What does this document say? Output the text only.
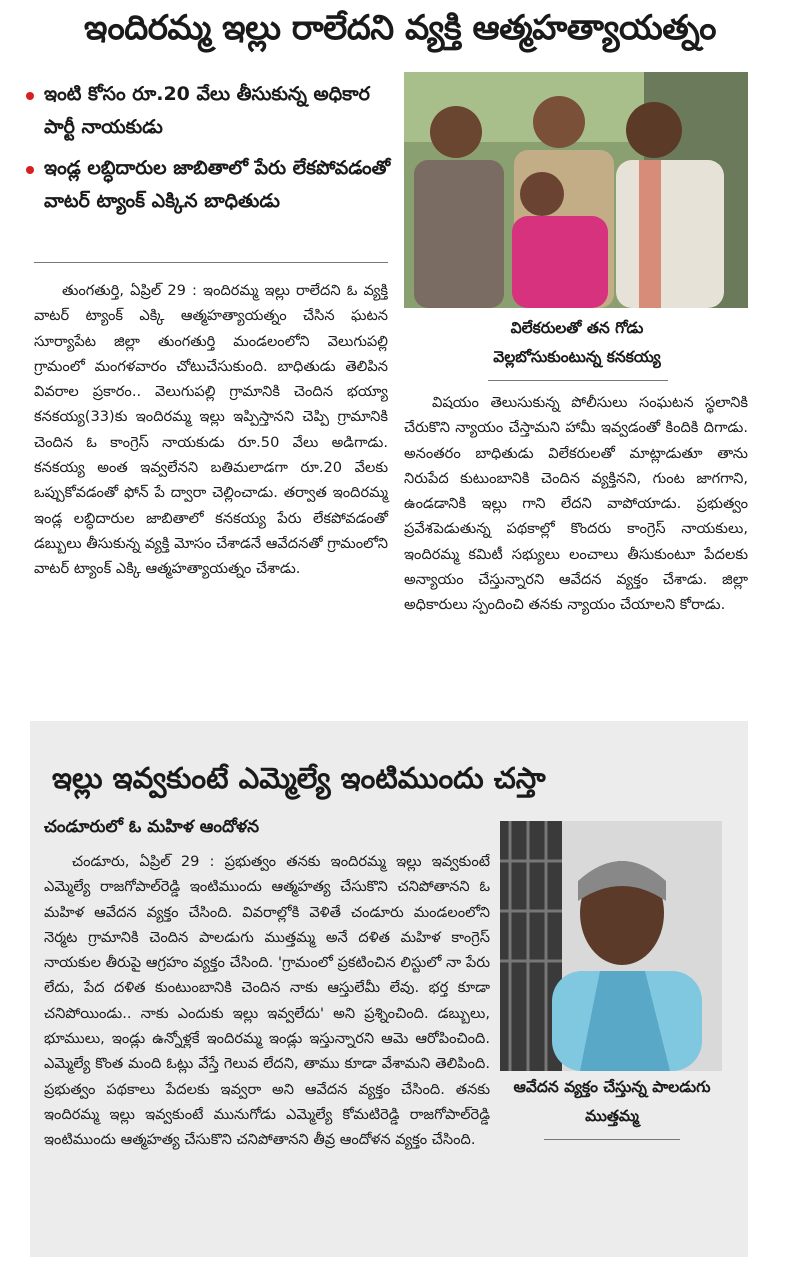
ఇందిరమ్మ ఇల్లు రాలేదని వ్యక్తి ఆత్మహత్యాయత్నం
ఇంటి కోసం రూ.20 వేలు తీసుకున్న అధికార పార్టీ నాయకుడు
ఇండ్ల లబ్ధిదారుల జాబితాలో పేరు లేకపోవడంతో వాటర్ ట్యాంక్ ఎక్కిన బాధితుడు
తుంగతుర్తి, ఏప్రిల్ 29 : ఇందిరమ్మ ఇల్లు రాలేదని ఓ వ్యక్తి వాటర్ ట్యాంక్ ఎక్కి ఆత్మహత్యాయత్నం చేసిన ఘటన సూర్యాపేట జిల్లా తుంగతుర్తి మండలంలోని వెలుగుపల్లి గ్రామంలో మంగళవారం చోటుచేసుకుంది. బాధితుడు తెలిపిన వివరాల ప్రకారం.. వెలుగుపల్లి గ్రామానికి చెందిన భయ్యా కనకయ్య(33)కు ఇందిరమ్మ ఇల్లు ఇప్పిస్తానని చెప్పి గ్రామానికి చెందిన ఓ కాంగ్రెస్ నాయకుడు రూ.50 వేలు అడిగాడు. కనకయ్య అంత ఇవ్వలేనని బతిమలాడగా రూ.20 వేలకు ఒప్పుకోవడంతో ఫోన్ పే ద్వారా చెల్లించాడు. తర్వాత ఇందిరమ్మ ఇండ్ల లబ్ధిదారుల జాబితాలో కనకయ్య పేరు లేకపోవడంతో డబ్బులు తీసుకున్న వ్యక్తి మోసం చేశాడనే ఆవేదనతో గ్రామంలోని వాటర్ ట్యాంక్ ఎక్కి ఆత్మహత్యాయత్నం చేశాడు.
విలేకరులతో తన గోడు వెల్లబోసుకుంటున్న కనకయ్య
విషయం తెలుసుకున్న పోలీసులు సంఘటన స్థలానికి చేరుకొని న్యాయం చేస్తామని హామీ ఇవ్వడంతో కిందికి దిగాడు. అనంతరం బాధితుడు విలేకరులతో మాట్లాడుతూ తాను నిరుపేద కుటుంబానికి చెందిన వ్యక్తినని, గుంట జాగగాని, ఉండడానికి ఇల్లు గాని లేదని వాపోయాడు. ప్రభుత్వం ప్రవేశపెడుతున్న పథకాల్లో కొందరు కాంగ్రెస్ నాయకులు, ఇందిరమ్మ కమిటీ సభ్యులు లంచాలు తీసుకుంటూ పేదలకు అన్యాయం చేస్తున్నారని ఆవేదన వ్యక్తం చేశాడు. జిల్లా అధికారులు స్పందించి తనకు న్యాయం చేయాలని కోరాడు.
ఇల్లు ఇవ్వకుంటే ఎమ్మెల్యే ఇంటిముందు చస్తా
చండూరులో ఓ మహిళ ఆందోళన
చండూరు, ఏప్రిల్ 29 : ప్రభుత్వం తనకు ఇందిరమ్మ ఇల్లు ఇవ్వకుంటే ఎమ్మెల్యే రాజగోపాల్‌రెడ్డి ఇంటిముందు ఆత్మహత్య చేసుకొని చనిపోతానని ఓ మహిళ ఆవేదన వ్యక్తం చేసింది. వివరాల్లోకి వెళితే చండూరు మండలంలోని నెర్మట గ్రామానికి చెందిన పాలడుగు ముత్తమ్మ అనే దళిత మహిళ కాంగ్రెస్ నాయకుల తీరుపై ఆగ్రహం వ్యక్తం చేసింది. 'గ్రామంలో ప్రకటించిన లిస్టులో నా పేరు లేదు, పేద దళిత కుంటుంబానికి చెందిన నాకు ఆస్తులేమీ లేవు. భర్త కూడా చనిపోయిండు.. నాకు ఎందుకు ఇల్లు ఇవ్వలేదు' అని ప్రశ్నించింది. డబ్బులు, భూములు, ఇండ్లు ఉన్నోళ్లకే ఇందిరమ్మ ఇండ్లు ఇస్తున్నారని ఆమె ఆరోపించింది. ఎమ్మెల్యే కొంత మంది ఓట్లు వేస్తే గెలువ లేదని, తాము కూడా వేశామని తెలిపింది. ప్రభుత్వం పథకాలు పేదలకు ఇవ్వరా అని ఆవేదన వ్యక్తం చేసింది. తనకు ఇందిరమ్మ ఇల్లు ఇవ్వకుంటే మునుగోడు ఎమ్మెల్యే కోమటిరెడ్డి రాజగోపాల్‌రెడ్డి ఇంటిముందు ఆత్మహత్య చేసుకొని చనిపోతానని తీవ్ర ఆందోళన వ్యక్తం చేసింది.
ఆవేదన వ్యక్తం చేస్తున్న పాలడుగు ముత్తమ్మ
